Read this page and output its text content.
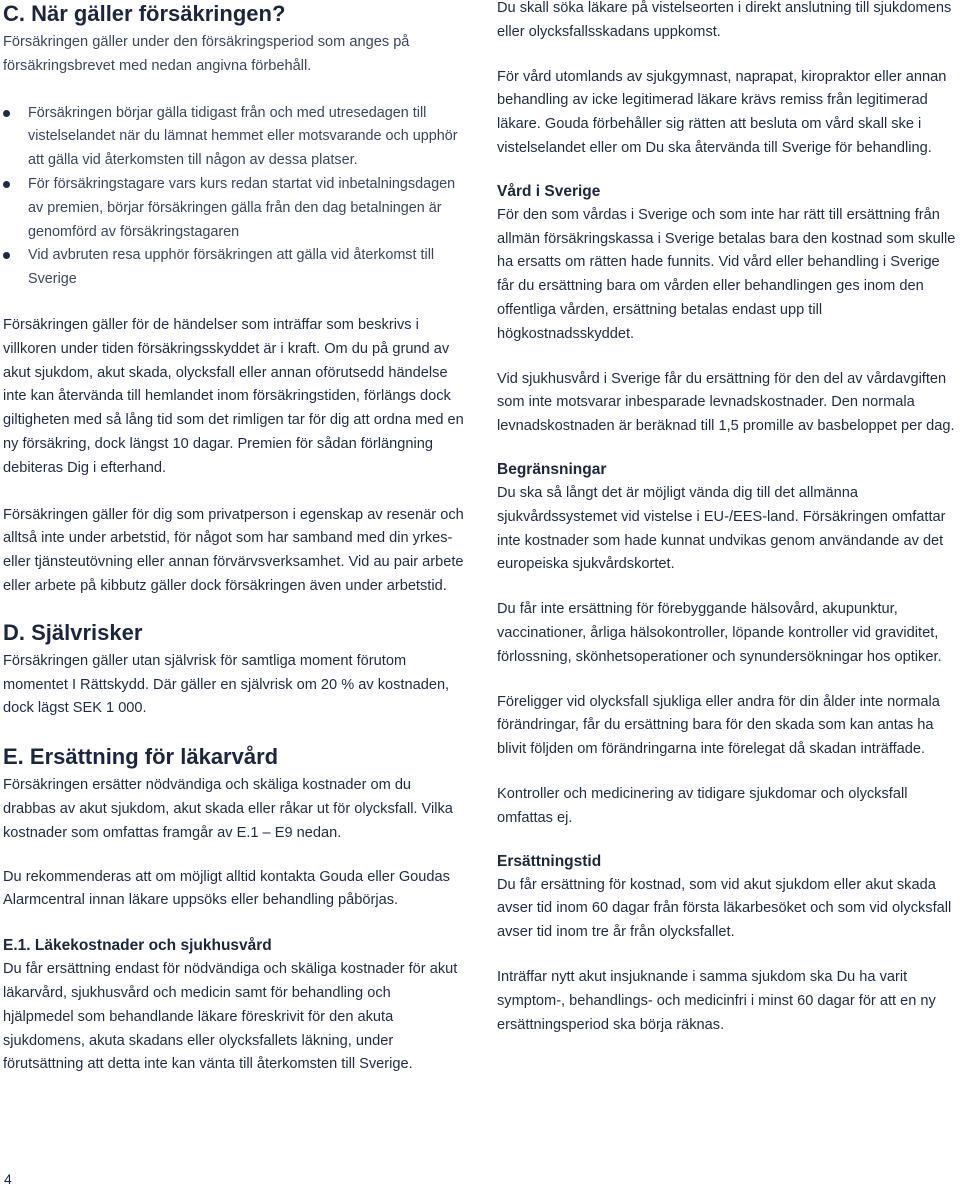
C. När gäller försäkringen?

Försäkringen gäller under den försäkringsperiod som anges på försäkringsbrevet med nedan angivna förbehåll.

Försäkringen börjar gälla tidigast från och med utresedagen till vistelselandet när du lämnat hemmet eller motsvarande och upphör att gälla vid återkomsten till någon av dessa platser.
För försäkringstagare vars kurs redan startat vid inbetalningsdagen av premien, börjar försäkringen gälla från den dag betalningen är genomförd av försäkringstagaren
Vid avbruten resa upphör försäkringen att gälla vid återkomst till Sverige

Försäkringen gäller för de händelser som inträffar som beskrivs i villkoren under tiden försäkringsskyddet är i kraft. Om du på grund av akut sjukdom, akut skada, olycksfall eller annan oförutsedd händelse inte kan återvända till hemlandet inom försäkringstiden, förlängs dock giltigheten med så lång tid som det rimligen tar för dig att ordna med en ny försäkring, dock längst 10 dagar. Premien för sådan förlängning debiteras Dig i efterhand.

Försäkringen gäller för dig som privatperson i egenskap av resenär och alltså inte under arbetstid, för något som har samband med din yrkes- eller tjänsteutövning eller annan förvärvsverksamhet. Vid au pair arbete eller arbete på kibbutz gäller dock försäkringen även under arbetstid.

D. Självrisker

Försäkringen gäller utan självrisk för samtliga moment förutom momentet I Rättskydd. Där gäller en självrisk om 20 % av kostnaden, dock lägst SEK 1 000.

E. Ersättning för läkarvård

Försäkringen ersätter nödvändiga och skäliga kostnader om du drabbas av akut sjukdom, akut skada eller råkar ut för olycksfall. Vilka kostnader som omfattas framgår av E.1 – E9 nedan.

Du rekommenderas att om möjligt alltid kontakta Gouda eller Goudas Alarmcentral innan läkare uppsöks eller behandling påbörjas.

E.1. Läkekostnader och sjukhusvård

Du får ersättning endast för nödvändiga och skäliga kostnader för akut läkarvård, sjukhusvård och medicin samt för behandling och hjälpmedel som behandlande läkare föreskrivit för den akuta sjukdomens, akuta skadans eller olycksfallets läkning, under förutsättning att detta inte kan vänta till återkomsten till Sverige.

Du skall söka läkare på vistelseorten i direkt anslutning till sjukdomens eller olycksfallsskadans uppkomst.

För vård utomlands av sjukgymnast, naprapat, kiropraktor eller annan behandling av icke legitimerad läkare krävs remiss från legitimerad läkare. Gouda förbehåller sig rätten att besluta om vård skall ske i vistelselandet eller om Du ska återvända till Sverige för behandling.

Vård i Sverige

För den som vårdas i Sverige och som inte har rätt till ersättning från allmän försäkringskassa i Sverige betalas bara den kostnad som skulle ha ersatts om rätten hade funnits. Vid vård eller behandling i Sverige får du ersättning bara om vården eller behandlingen ges inom den offentliga vården, ersättning betalas endast upp till högkostnadsskyddet.

Vid sjukhusvård i Sverige får du ersättning för den del av vårdavgiften som inte motsvarar inbesparade levnadskostnader. Den normala levnadskostnaden är beräknad till 1,5 promille av basbeloppet per dag.

Begränsningar

Du ska så långt det är möjligt vända dig till det allmänna sjukvårdssystemet vid vistelse i EU-/EES-land. Försäkringen omfattar inte kostnader som hade kunnat undvikas genom användande av det europeiska sjukvårdskortet.

Du får inte ersättning för förebyggande hälsovård, akupunktur, vaccinationer, årliga hälsokontroller, löpande kontroller vid graviditet, förlossning, skönhetsoperationer och synundersökningar hos optiker.

Föreligger vid olycksfall sjukliga eller andra för din ålder inte normala förändringar, får du ersättning bara för den skada som kan antas ha blivit följden om förändringarna inte förelegat då skadan inträffade.

Kontroller och medicinering av tidigare sjukdomar och olycksfall omfattas ej.

Ersättningstid

Du får ersättning för kostnad, som vid akut sjukdom eller akut skada avser tid inom 60 dagar från första läkarbesöket och som vid olycksfall avser tid inom tre år från olycksfallet.

Inträffar nytt akut insjuknande i samma sjukdom ska Du ha varit symptom-, behandlings- och medicinfri i minst 60 dagar för att en ny ersättningsperiod ska börja räknas.

4
